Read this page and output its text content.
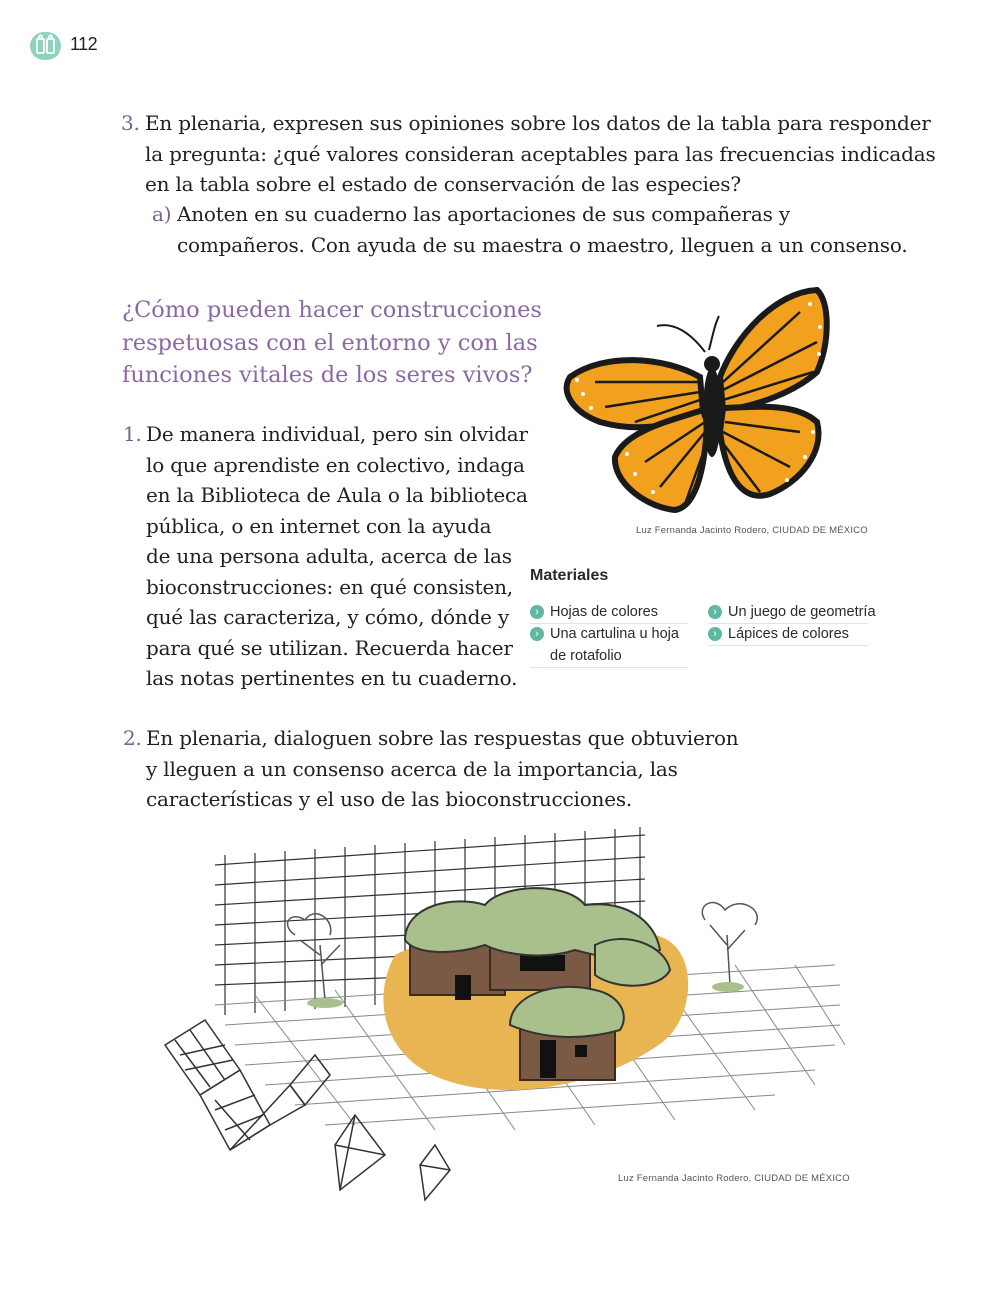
112
3. En plenaria, expresen sus opiniones sobre los datos de la tabla para responder
la pregunta: ¿qué valores consideran aceptables para las frecuencias indicadas
en la tabla sobre el estado de conservación de las especies?
a) Anoten en su cuaderno las aportaciones de sus compañeras y
compañeros. Con ayuda de su maestra o maestro, lleguen a un consenso.
¿Cómo pueden hacer construcciones
respetuosas con el entorno y con las
funciones vitales de los seres vivos?
1. De manera individual, pero sin olvidar
lo que aprendiste en colectivo, indaga
en la Biblioteca de Aula o la biblioteca
pública, o en internet con la ayuda
de una persona adulta, acerca de las
bioconstrucciones: en qué consisten,
qué las caracteriza, y cómo, dónde y
para qué se utilizan. Recuerda hacer
las notas pertinentes en tu cuaderno.
Luz Fernanda Jacinto Rodero, CIUDAD DE MÉXICO
Materiales
› Hojas de colores
› Una cartulina u hoja de rotafolio
› Un juego de geometría
› Lápices de colores
2. En plenaria, dialoguen sobre las respuestas que obtuvieron
y lleguen a un consenso acerca de la importancia, las
características y el uso de las bioconstrucciones.
Luz Fernanda Jacinto Rodero, CIUDAD DE MÉXICO
